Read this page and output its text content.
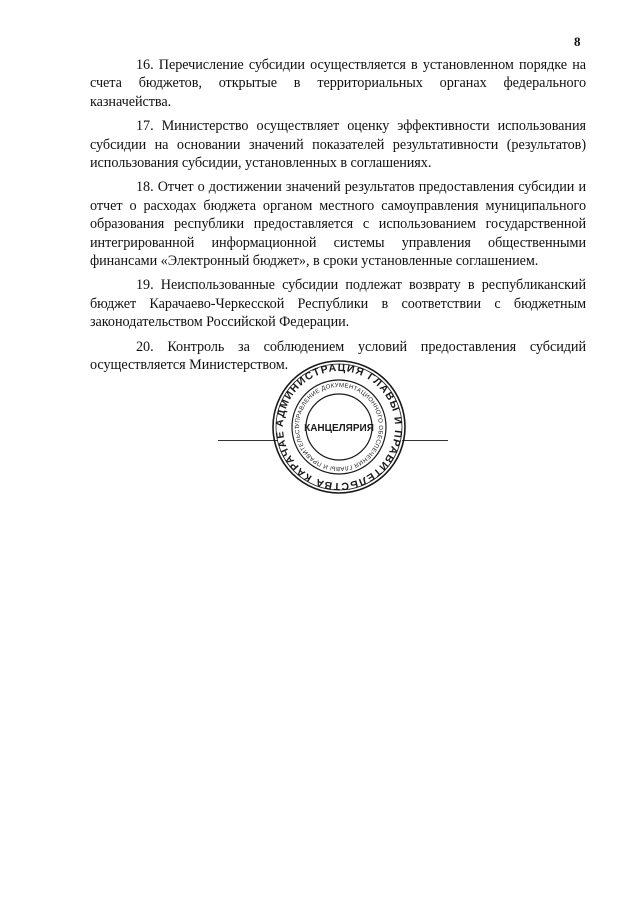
8

16. Перечисление субсидии осуществляется в установленном порядке на счета бюджетов, открытые в территориальных органах федерального казначейства.

17. Министерство осуществляет оценку эффективности использования субсидии на основании значений показателей результативности (результатов) использования субсидии, установленных в соглашениях.

18. Отчет о достижении значений результатов предоставления субсидии и отчет о расходах бюджета органом местного самоуправления муниципального образования республики предоставляется с использованием государственной интегрированной информационной системы управления общественными финансами «Электронный бюджет», в сроки установленные соглашением.

19. Неиспользованные субсидии подлежат возврату в республиканский бюджет Карачаево-Черкесской Республики в соответствии с бюджетным законодательством Российской Федерации.

20. Контроль за соблюдением условий предоставления субсидий осуществляется Министерством.

АДМИНИСТРАЦИЯ ГЛАВЫ И ПРАВИТЕЛЬСТВА КАРАЧАЕ
УПРАВЛЕНИЕ ДОКУМЕНТАЦИОННОГО ОБЕСПЕЧЕНИЯ ГЛАВЫ И ПРАВИТЕЛЬСТ КАНЦЕЛЯРИЯ
